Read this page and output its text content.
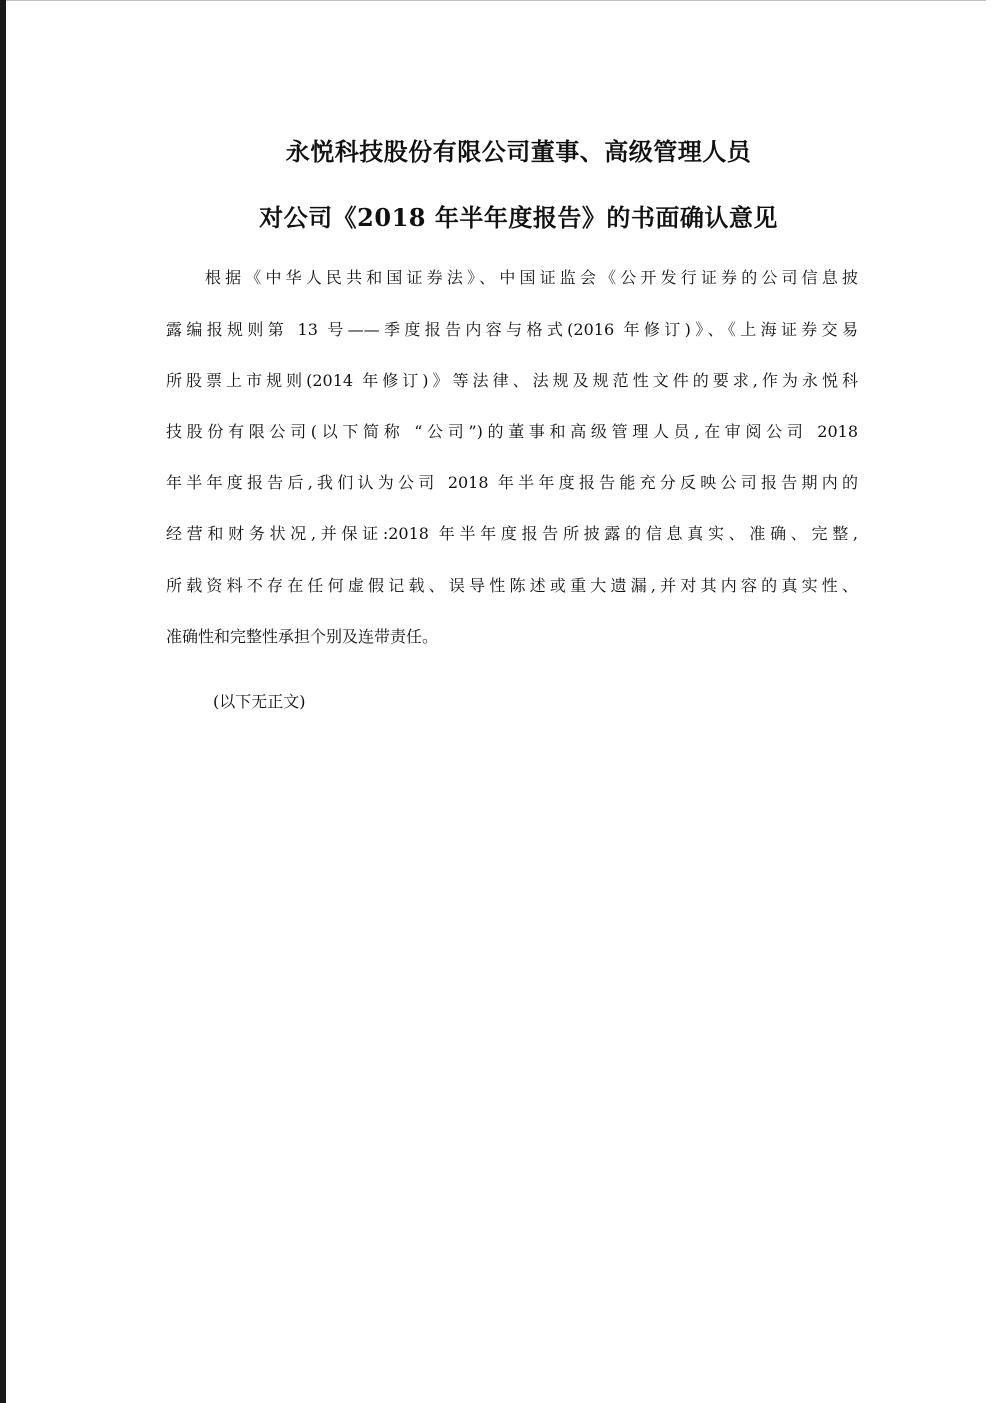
永悦科技股份有限公司董事、高级管理人员
对公司《2018 年半年度报告》的书面确认意见
根据《中华人民共和国证券法》、中国证监会《公开发行证券的公司信息披
露编报规则第 13 号——季度报告内容与格式(2016 年修订)》、《上海证券交易
所股票上市规则(2014 年修订)》等法律、法规及规范性文件的要求,作为永悦科
技股份有限公司(以下简称 “公司”)的董事和高级管理人员,在审阅公司 2018
年半年度报告后,我们认为公司 2018 年半年度报告能充分反映公司报告期内的
经营和财务状况,并保证:2018 年半年度报告所披露的信息真实、准确、完整,
所载资料不存在任何虚假记载、误导性陈述或重大遗漏,并对其内容的真实性、
准确性和完整性承担个别及连带责任。
(以下无正文)
